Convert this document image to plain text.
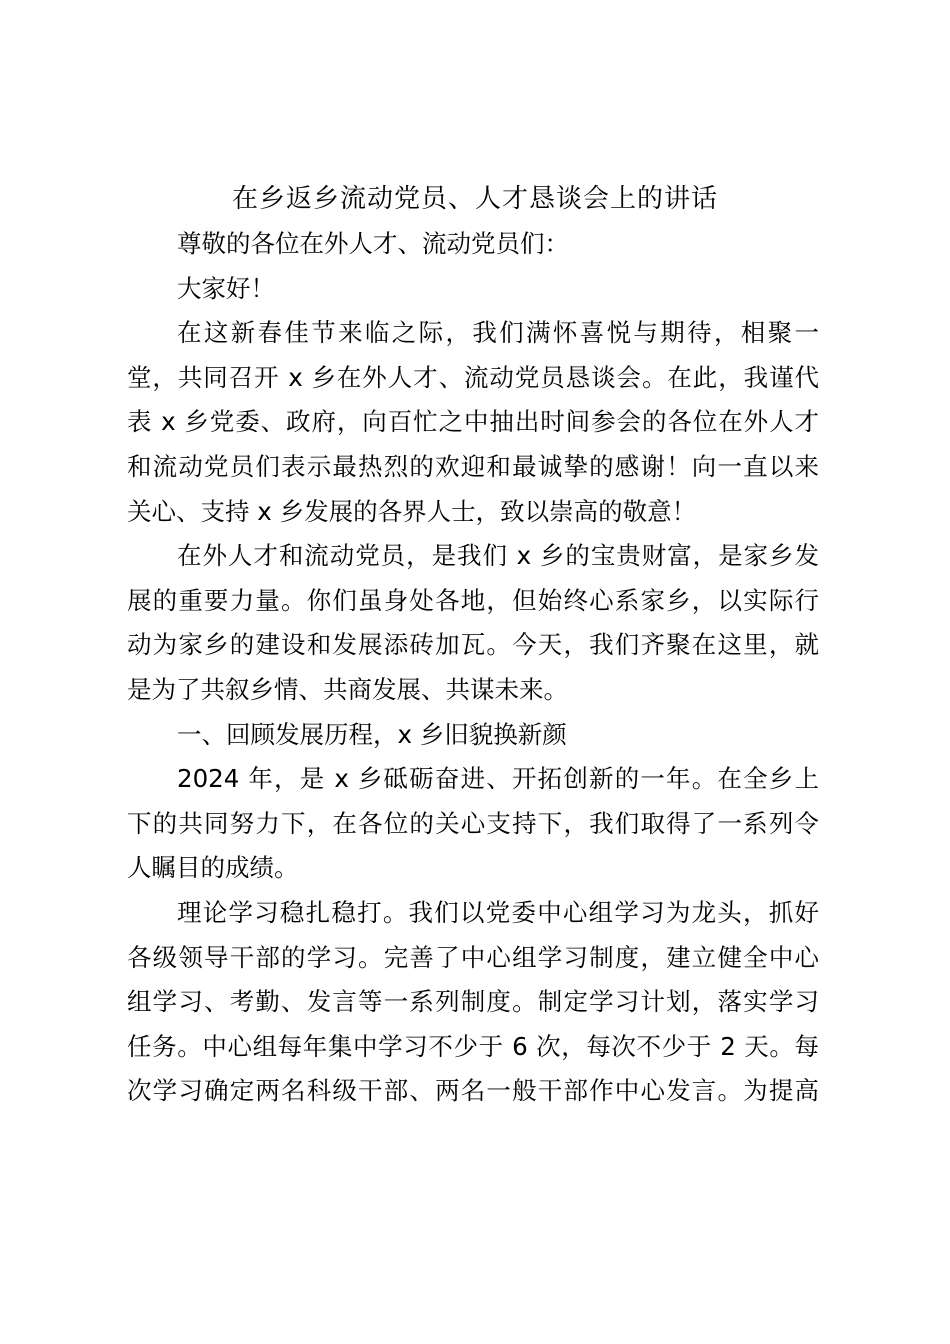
在乡返乡流动党员、人才恳谈会上的讲话
尊敬的各位在外人才、流动党员们：
大家好！
在这新春佳节来临之际，我们满怀喜悦与期待，相聚一
堂，共同召开 x 乡在外人才、流动党员恳谈会。在此，我谨代
表 x 乡党委、政府，向百忙之中抽出时间参会的各位在外人才
和流动党员们表示最热烈的欢迎和最诚挚的感谢！向一直以来
关心、支持 x 乡发展的各界人士，致以崇高的敬意！
在外人才和流动党员，是我们 x 乡的宝贵财富，是家乡发
展的重要力量。你们虽身处各地，但始终心系家乡，以实际行
动为家乡的建设和发展添砖加瓦。今天，我们齐聚在这里，就
是为了共叙乡情、共商发展、共谋未来。
一、回顾发展历程，x 乡旧貌换新颜
2024 年，是 x 乡砥砺奋进、开拓创新的一年。在全乡上
下的共同努力下，在各位的关心支持下，我们取得了一系列令
人瞩目的成绩。
理论学习稳扎稳打。我们以党委中心组学习为龙头，抓好
各级领导干部的学习。完善了中心组学习制度，建立健全中心
组学习、考勤、发言等一系列制度。制定学习计划，落实学习
任务。中心组每年集中学习不少于 6 次，每次不少于 2 天。每
次学习确定两名科级干部、两名一般干部作中心发言。为提高
